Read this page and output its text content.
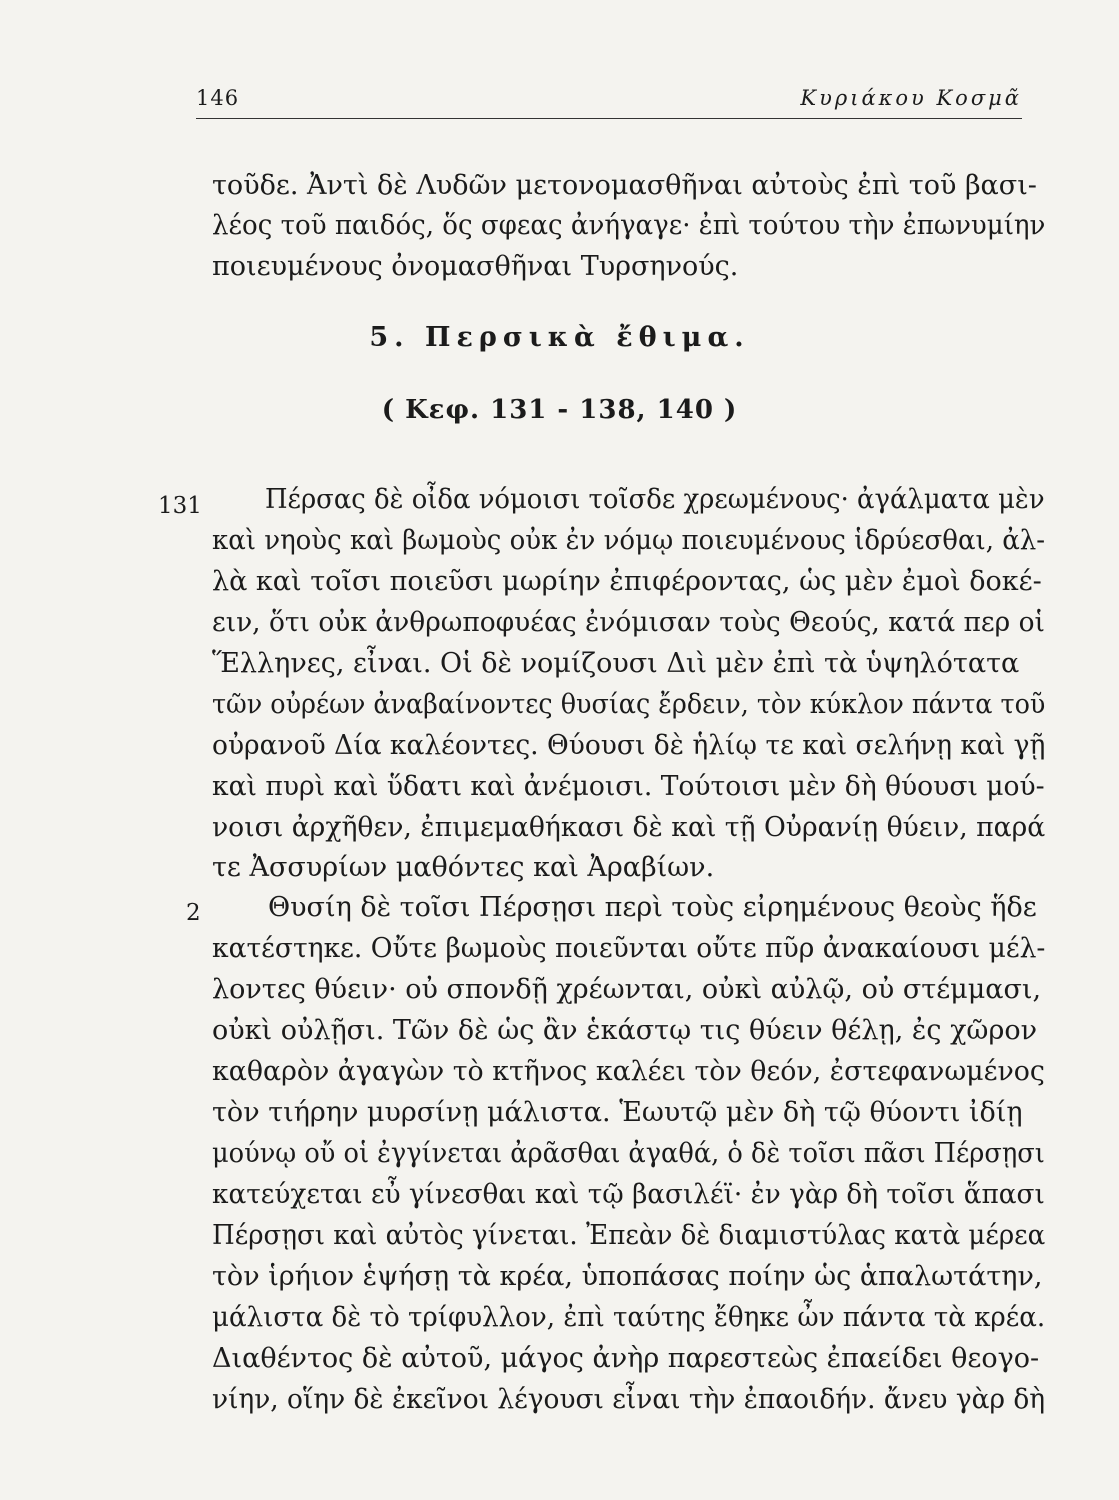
146	Κυριάκου Κοσμᾶ
τοῦδε. Ἀντὶ δὲ Λυδῶν μετονομασθῆναι αὐτοὺς ἐπὶ τοῦ βασι-
λέος τοῦ παιδός, ὅς σφεας ἀνήγαγε· ἐπὶ τούτου τὴν ἐπωνυμίην
ποιευμένους ὀνομασθῆναι Τυρσηνούς.
5. Περσικὰ ἔθιμα.
( Κεφ. 131 - 138, 140 )
131 Πέρσας δὲ οἶδα νόμοισι τοῖσδε χρεωμένους· ἀγάλματα μὲν
καὶ νηοὺς καὶ βωμοὺς οὐκ ἐν νόμῳ ποιευμένους ἱδρύεσθαι, ἀλ-
λὰ καὶ τοῖσι ποιεῦσι μωρίην ἐπιφέροντας, ὡς μὲν ἐμοὶ δοκέ-
ειν, ὅτι οὐκ ἀνθρωποφυέας ἐνόμισαν τοὺς Θεούς, κατά περ οἱ
Ἕλληνες, εἶναι. Οἱ δὲ νομίζουσι Διὶ μὲν ἐπὶ τὰ ὑψηλότατα
τῶν οὐρέων ἀναβαίνοντες θυσίας ἔρδειν, τὸν κύκλον πάντα τοῦ
οὐρανοῦ Δία καλέοντες. Θύουσι δὲ ἡλίῳ τε καὶ σελήνῃ καὶ γῇ
καὶ πυρὶ καὶ ὕδατι καὶ ἀνέμοισι. Τούτοισι μὲν δὴ θύουσι μού-
νοισι ἀρχῆθεν, ἐπιμεμαθήκασι δὲ καὶ τῇ Οὐρανίῃ θύειν, παρά
τε Ἀσσυρίων μαθόντες καὶ Ἀραβίων.
2 Θυσίη δὲ τοῖσι Πέρσῃσι περὶ τοὺς εἰρημένους θεοὺς ἥδε
κατέστηκε. Οὔτε βωμοὺς ποιεῦνται οὔτε πῦρ ἀνακαίουσι μέλ-
λοντες θύειν· οὐ σπονδῇ χρέωνται, οὐκὶ αὐλῷ, οὐ στέμμασι,
οὐκὶ οὐλῇσι. Τῶν δὲ ὡς ἂν ἑκάστῳ τις θύειν θέλῃ, ἐς χῶρον
καθαρὸν ἀγαγὼν τὸ κτῆνος καλέει τὸν θεόν, ἐστεφανωμένος
τὸν τιήρην μυρσίνῃ μάλιστα. Ἑωυτῷ μὲν δὴ τῷ θύοντι ἰδίῃ
μούνῳ οὔ οἱ ἐγγίνεται ἀρᾶσθαι ἀγαθά, ὁ δὲ τοῖσι πᾶσι Πέρσῃσι
κατεύχεται εὖ γίνεσθαι καὶ τῷ βασιλέϊ· ἐν γὰρ δὴ τοῖσι ἅπασι
Πέρσῃσι καὶ αὐτὸς γίνεται. Ἐπεὰν δὲ διαμιστύλας κατὰ μέρεα
τὸν ἱρήιον ἑψήσῃ τὰ κρέα, ὑποπάσας ποίην ὡς ἁπαλωτάτην,
μάλιστα δὲ τὸ τρίφυλλον, ἐπὶ ταύτης ἔθηκε ὦν πάντα τὰ κρέα.
Διαθέντος δὲ αὐτοῦ, μάγος ἀνὴρ παρεστεὼς ἐπαείδει θεογο-
νίην, οἵην δὲ ἐκεῖνοι λέγουσι εἶναι τὴν ἐπαοιδήν. ἄνευ γὰρ δὴ
